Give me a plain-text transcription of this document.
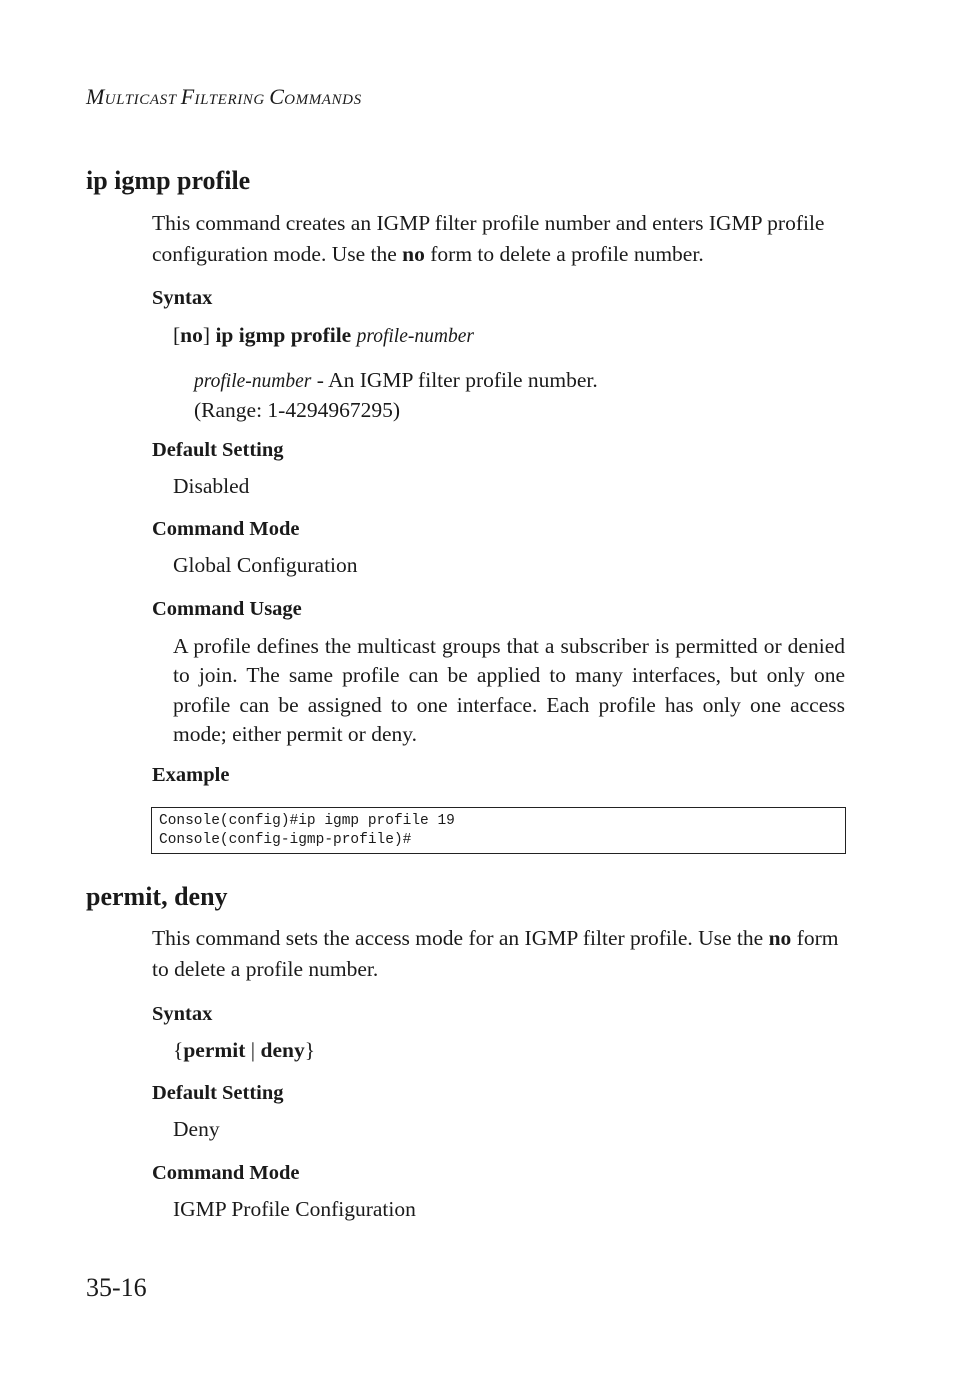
MULTICAST FILTERING COMMANDS
ip igmp profile
This command creates an IGMP filter profile number and enters IGMP profile configuration mode. Use the no form to delete a profile number.
Syntax
[no] ip igmp profile profile-number
profile-number - An IGMP filter profile number.
(Range: 1-4294967295)
Default Setting
Disabled
Command Mode
Global Configuration
Command Usage
A profile defines the multicast groups that a subscriber is permitted or denied to join. The same profile can be applied to many interfaces, but only one profile can be assigned to one interface. Each profile has only one access mode; either permit or deny.
Example
Console(config)#ip igmp profile 19
Console(config-igmp-profile)#
permit, deny
This command sets the access mode for an IGMP filter profile. Use the no form to delete a profile number.
Syntax
{permit | deny}
Default Setting
Deny
Command Mode
IGMP Profile Configuration
35-16
